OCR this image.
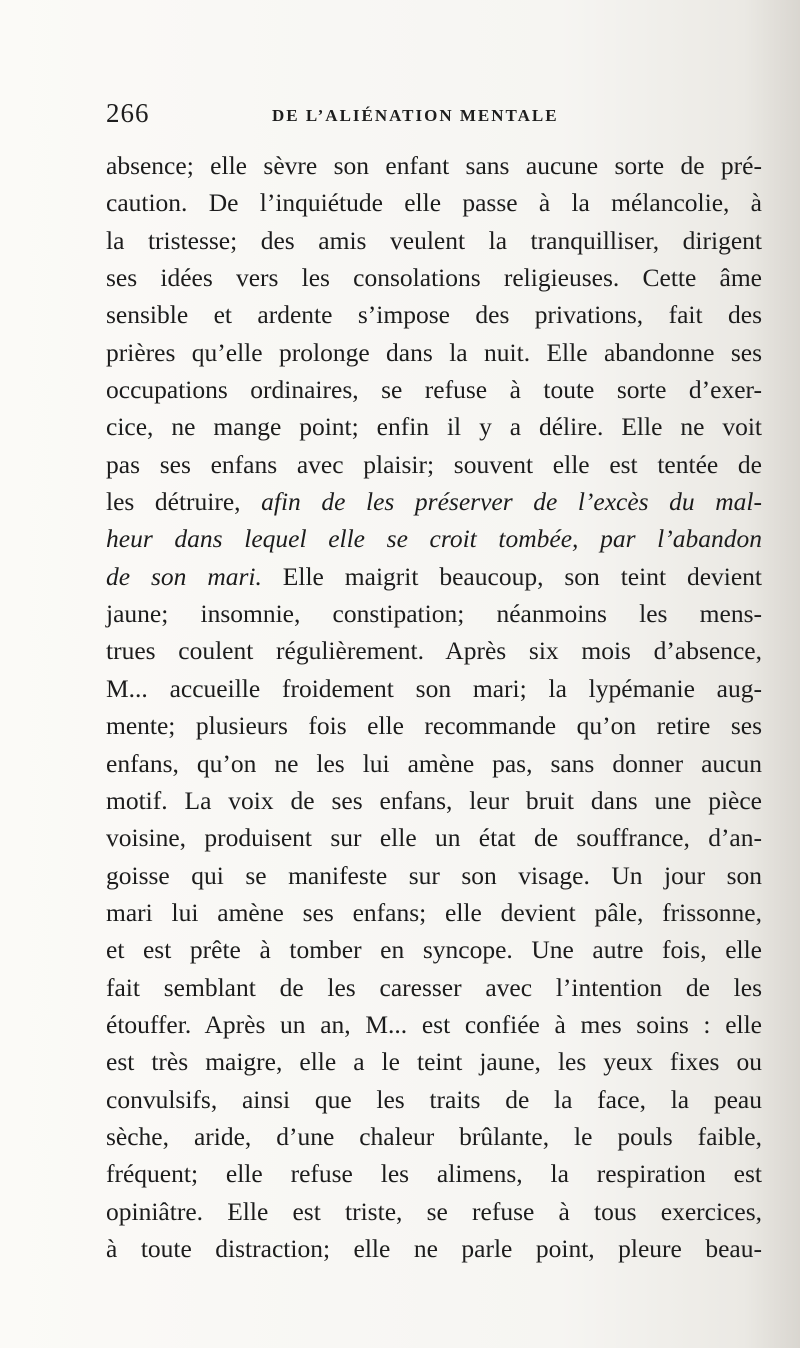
266	DE L’ALIÉNATION MENTALE
absence; elle sèvre son enfant sans aucune sorte de pré-
caution. De l’inquiétude elle passe à la mélancolie, à
la tristesse; des amis veulent la tranquilliser, dirigent
ses idées vers les consolations religieuses. Cette âme
sensible et ardente s’impose des privations, fait des
prières qu’elle prolonge dans la nuit. Elle abandonne ses
occupations ordinaires, se refuse à toute sorte d’exer-
cice, ne mange point; enfin il y a délire. Elle ne voit
pas ses enfans avec plaisir; souvent elle est tentée de
les détruire, afin de les préserver de l’excès du mal-
heur dans lequel elle se croit tombée, par l’abandon
de son mari. Elle maigrit beaucoup, son teint devient
jaune; insomnie, constipation; néanmoins les mens-
trues coulent régulièrement. Après six mois d’absence,
M... accueille froidement son mari; la lypémanie aug-
mente; plusieurs fois elle recommande qu’on retire ses
enfans, qu’on ne les lui amène pas, sans donner aucun
motif. La voix de ses enfans, leur bruit dans une pièce
voisine, produisent sur elle un état de souffrance, d’an-
goisse qui se manifeste sur son visage. Un jour son
mari lui amène ses enfans; elle devient pâle, frissonne,
et est prête à tomber en syncope. Une autre fois, elle
fait semblant de les caresser avec l’intention de les
étouffer. Après un an, M... est confiée à mes soins : elle
est très maigre, elle a le teint jaune, les yeux fixes ou
convulsifs, ainsi que les traits de la face, la peau
sèche, aride, d’une chaleur brûlante, le pouls faible,
fréquent; elle refuse les alimens, la respiration est
opiniâtre. Elle est triste, se refuse à tous exercices,
à toute distraction; elle ne parle point, pleure beau-
